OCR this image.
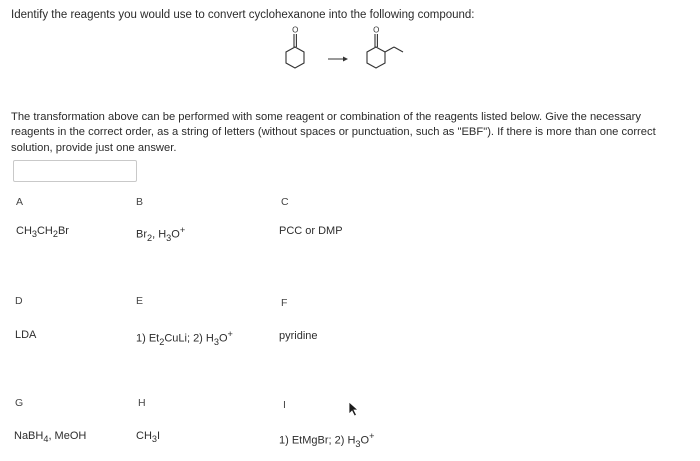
Identify the reagents you would use to convert cyclohexanone into the following compound:
O	O
The transformation above can be performed with some reagent or combination of the reagents listed below. Give the necessary reagents in the correct order, as a string of letters (without spaces or punctuation, such as "EBF"). If there is more than one correct solution, provide just one answer.
A
$CH_3CH_2Br$
D
LDA
G
NaBH$_4$, MeOH
B
$Br_2$, $H_3O^+$
E
1) $Et_2CuLi$; 2) $H_3O^+$
H
$CH_3I$
C
PCC or DMP
F
pyridine
I
1) EtMgBr; 2) $H_3O^+$
